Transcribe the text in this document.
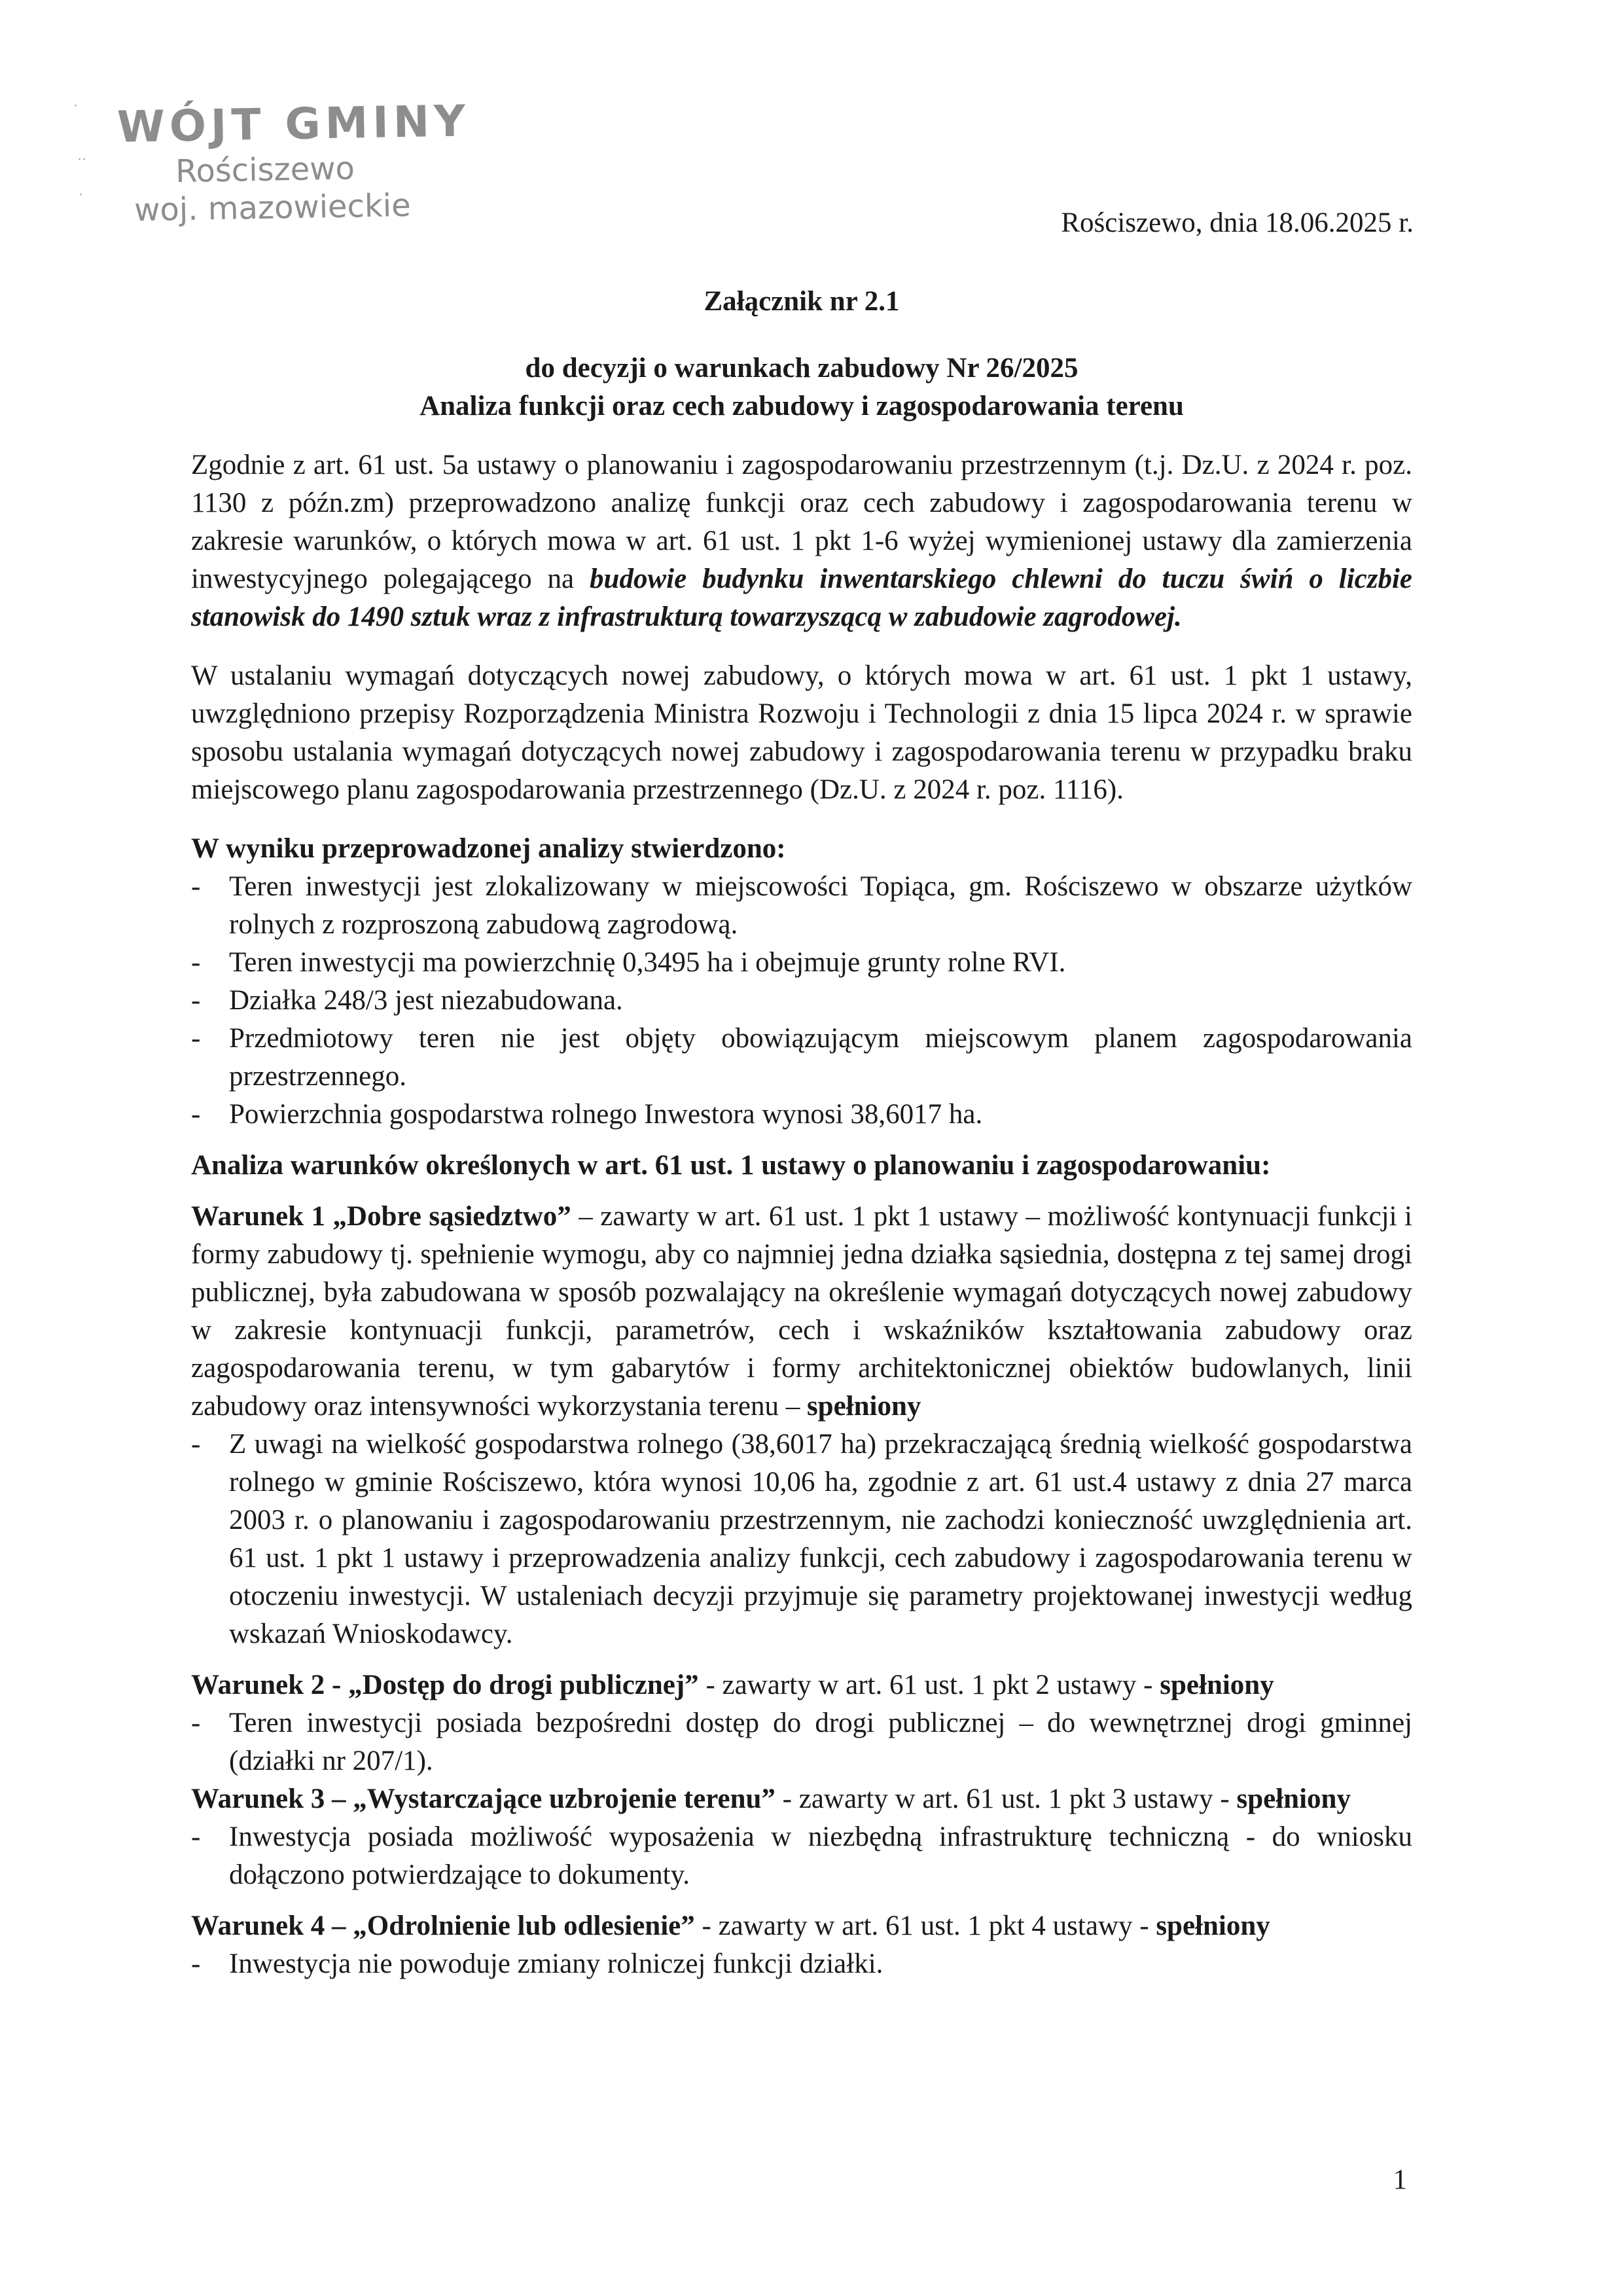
·
··
·
WÓJT GMINY
Rościszewo
woj. mazowieckie	Rościszewo, dnia 18.06.2025 r.

Załącznik nr 2.1

do decyzji o warunkach zabudowy Nr 26/2025

Analiza funkcji oraz cech zabudowy i zagospodarowania terenu

Zgodnie z art. 61 ust. 5a ustawy o planowaniu i zagospodarowaniu przestrzennym (t.j. Dz.U. z 2024 r. poz. 1130 z późn.zm) przeprowadzono analizę funkcji oraz cech zabudowy i zagospodarowania terenu w zakresie warunków, o których mowa w art. 61 ust. 1 pkt 1-6 wyżej wymienionej ustawy dla zamierzenia inwestycyjnego polegającego na budowie budynku inwentarskiego chlewni do tuczu świń o liczbie stanowisk do 1490 sztuk wraz z infrastrukturą towarzyszącą w zabudowie zagrodowej.

W ustalaniu wymagań dotyczących nowej zabudowy, o których mowa w art. 61 ust. 1 pkt 1 ustawy, uwzględniono przepisy Rozporządzenia Ministra Rozwoju i Technologii z dnia 15 lipca 2024 r. w sprawie sposobu ustalania wymagań dotyczących nowej zabudowy i zagospodarowania terenu w przypadku braku miejscowego planu zagospodarowania przestrzennego (Dz.U. z 2024 r. poz. 1116).

W wyniku przeprowadzonej analizy stwierdzono:

- Teren inwestycji jest zlokalizowany w miejscowości Topiąca, gm. Rościszewo w obszarze użytków rolnych z rozproszoną zabudową zagrodową.
- Teren inwestycji ma powierzchnię 0,3495 ha i obejmuje grunty rolne RVI.
- Działka 248/3 jest niezabudowana.
- Przedmiotowy teren nie jest objęty obowiązującym miejscowym planem zagospodarowania przestrzennego.
- Powierzchnia gospodarstwa rolnego Inwestora wynosi 38,6017 ha.

Analiza warunków określonych w art. 61 ust. 1 ustawy o planowaniu i zagospodarowaniu:

Warunek 1 „Dobre sąsiedztwo” – zawarty w art. 61 ust. 1 pkt 1 ustawy – możliwość kontynuacji funkcji i formy zabudowy tj. spełnienie wymogu, aby co najmniej jedna działka sąsiednia, dostępna z tej samej drogi publicznej, była zabudowana w sposób pozwalający na określenie wymagań dotyczących nowej zabudowy w zakresie kontynuacji funkcji, parametrów, cech i wskaźników kształtowania zabudowy oraz zagospodarowania terenu, w tym gabarytów i formy architektonicznej obiektów budowlanych, linii zabudowy oraz intensywności wykorzystania terenu – spełniony

- Z uwagi na wielkość gospodarstwa rolnego (38,6017 ha) przekraczającą średnią wielkość gospodarstwa rolnego w gminie Rościszewo, która wynosi 10,06 ha, zgodnie z art. 61 ust.4 ustawy z dnia 27 marca 2003 r. o planowaniu i zagospodarowaniu przestrzennym, nie zachodzi konieczność uwzględnienia art. 61 ust. 1 pkt 1 ustawy i przeprowadzenia analizy funkcji, cech zabudowy i zagospodarowania terenu w otoczeniu inwestycji. W ustaleniach decyzji przyjmuje się parametry projektowanej inwestycji według wskazań Wnioskodawcy.

Warunek 2 - „Dostęp do drogi publicznej” - zawarty w art. 61 ust. 1 pkt 2 ustawy - spełniony

- Teren inwestycji posiada bezpośredni dostęp do drogi publicznej – do wewnętrznej drogi gminnej (działki nr 207/1).

Warunek 3 – „Wystarczające uzbrojenie terenu” - zawarty w art. 61 ust. 1 pkt 3 ustawy - spełniony

- Inwestycja posiada możliwość wyposażenia w niezbędną infrastrukturę techniczną - do wniosku dołączono potwierdzające to dokumenty.

Warunek 4 – „Odrolnienie lub odlesienie” - zawarty w art. 61 ust. 1 pkt 4 ustawy - spełniony

- Inwestycja nie powoduje zmiany rolniczej funkcji działki.
1
